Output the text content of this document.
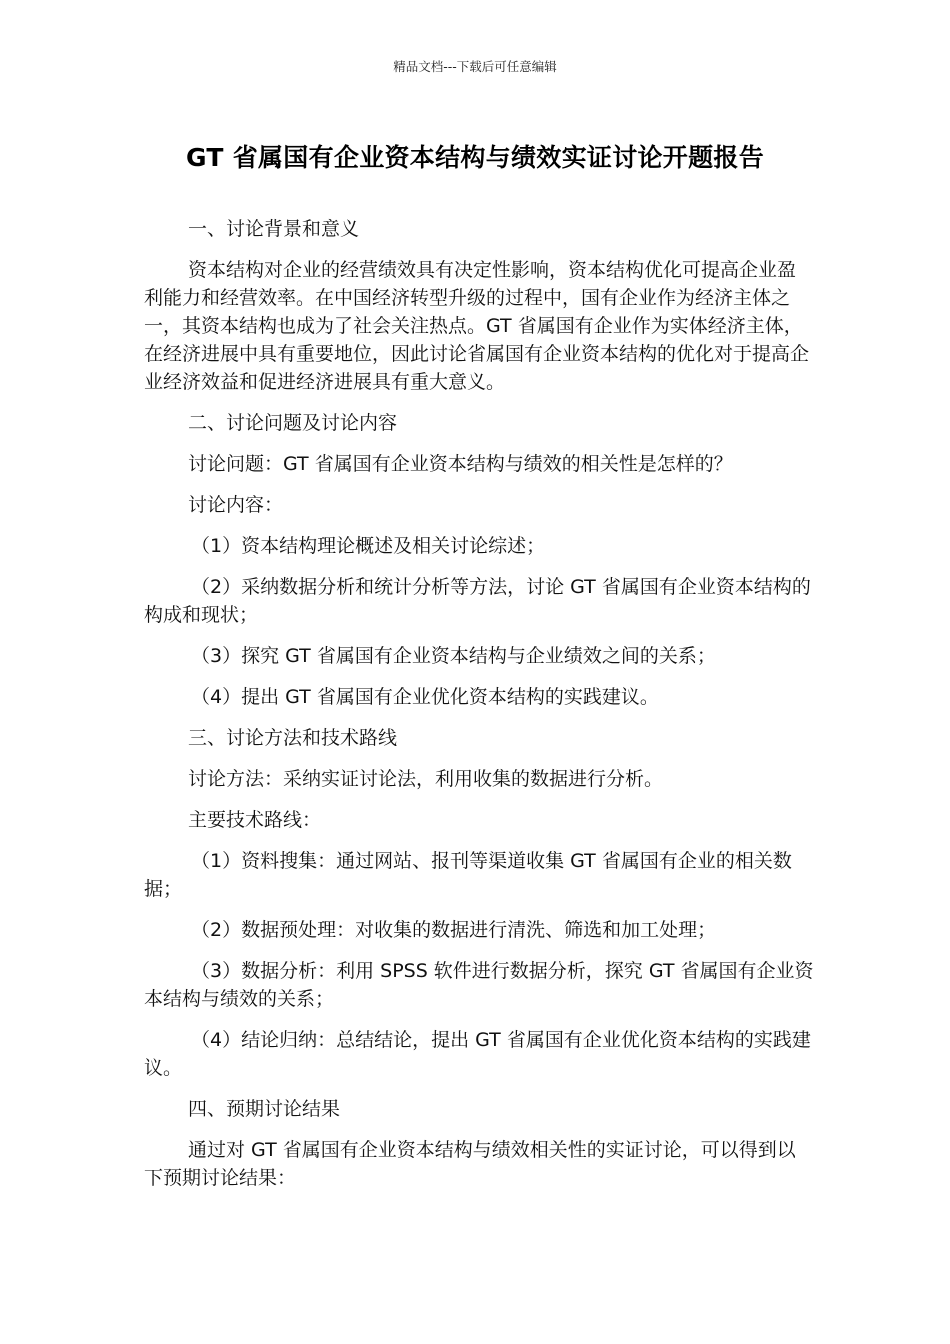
精品文档---下载后可任意编辑
GT 省属国有企业资本结构与绩效实证讨论开题报告

一、讨论背景和意义

资本结构对企业的经营绩效具有决定性影响，资本结构优化可提高企业盈利能力和经营效率。在中国经济转型升级的过程中，国有企业作为经济主体之一，其资本结构也成为了社会关注热点。GT 省属国有企业作为实体经济主体，在经济进展中具有重要地位，因此讨论省属国有企业资本结构的优化对于提高企业经济效益和促进经济进展具有重大意义。

二、讨论问题及讨论内容

讨论问题：GT 省属国有企业资本结构与绩效的相关性是怎样的？

讨论内容：

（1）资本结构理论概述及相关讨论综述；

（2）采纳数据分析和统计分析等方法，讨论 GT 省属国有企业资本结构的构成和现状；

（3）探究 GT 省属国有企业资本结构与企业绩效之间的关系；

（4）提出 GT 省属国有企业优化资本结构的实践建议。

三、讨论方法和技术路线

讨论方法：采纳实证讨论法，利用收集的数据进行分析。

主要技术路线：

（1）资料搜集：通过网站、报刊等渠道收集 GT 省属国有企业的相关数据；

（2）数据预处理：对收集的数据进行清洗、筛选和加工处理；

（3）数据分析：利用 SPSS 软件进行数据分析，探究 GT 省属国有企业资本结构与绩效的关系；

（4）结论归纳：总结结论，提出 GT 省属国有企业优化资本结构的实践建议。

四、预期讨论结果

通过对 GT 省属国有企业资本结构与绩效相关性的实证讨论，可以得到以下预期讨论结果：
